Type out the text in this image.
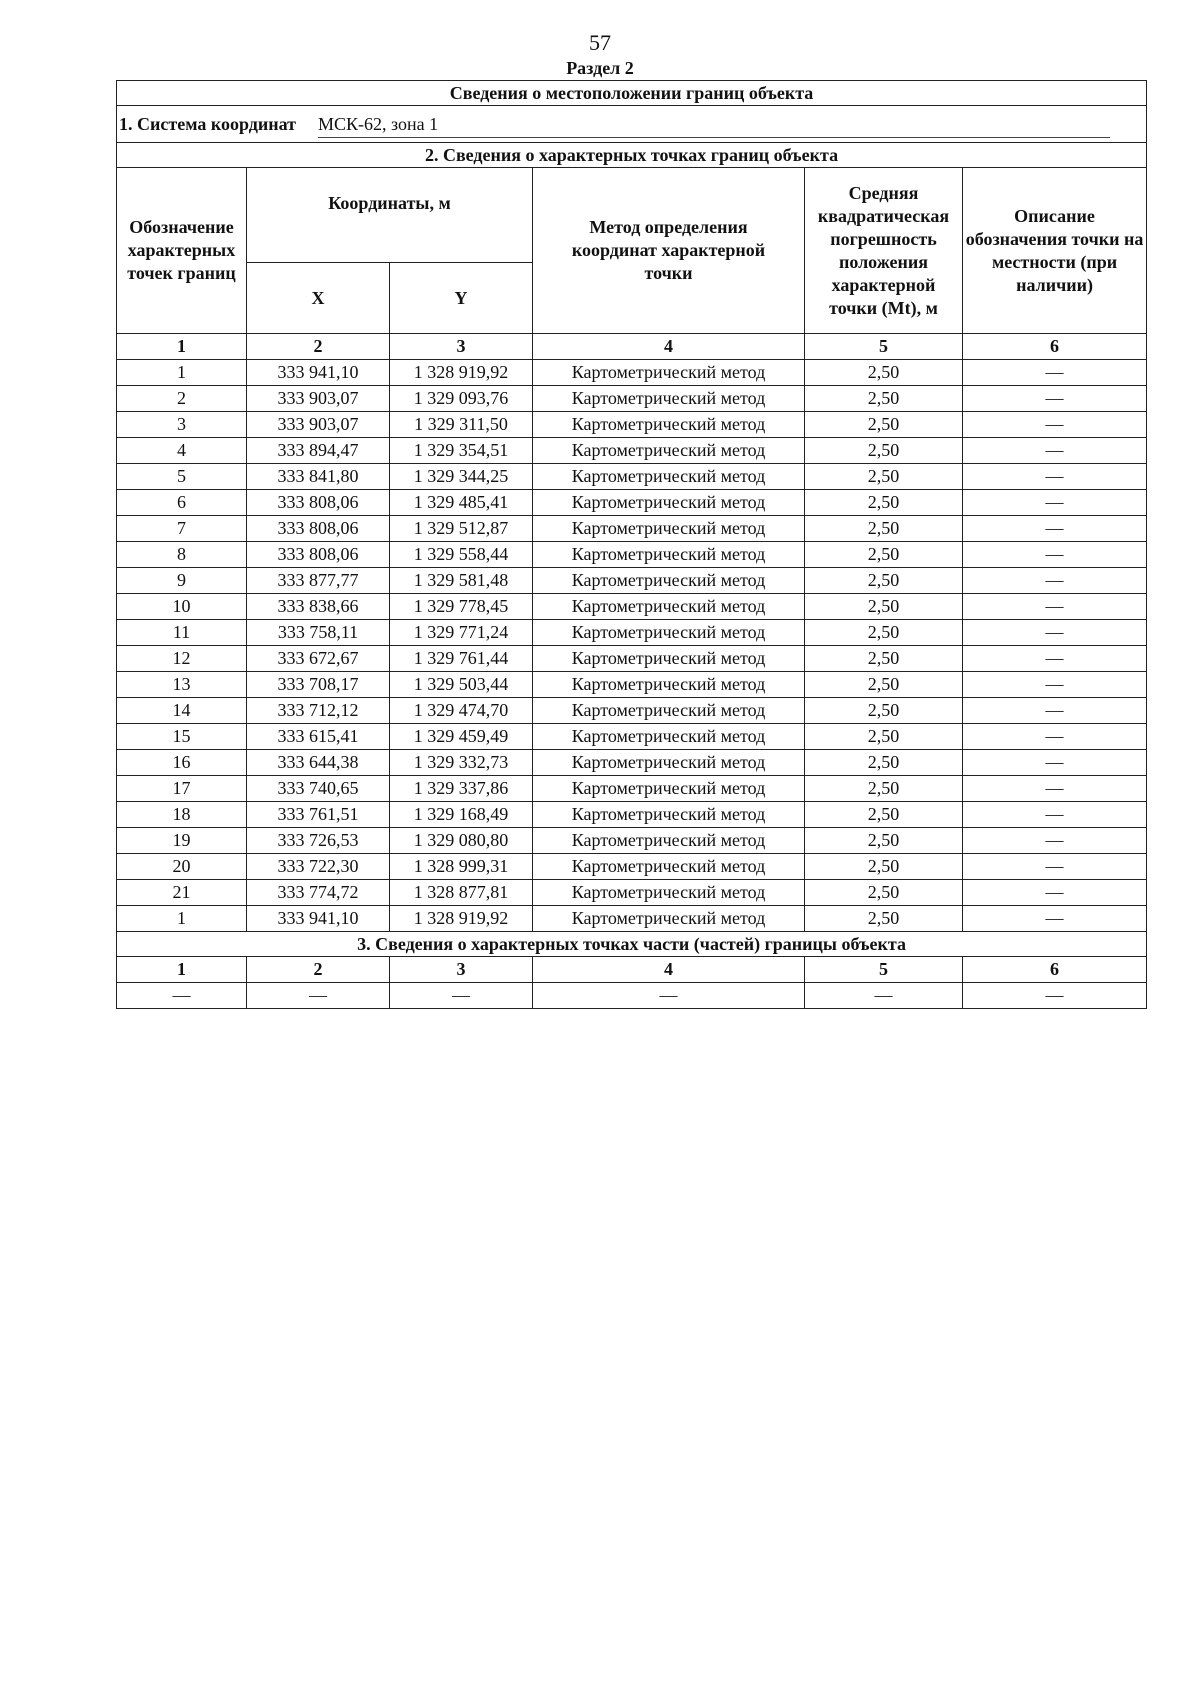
57
Раздел 2
Сведения о местоположении границ объекта					
1. Система координат МСК-62, зона 1					
2. Сведения о характерных точках границ объекта					
Обозначение характерных точек границ	Координаты, м		Метод определения координат характерной точки	Средняя квадратическая погрешность положения характерной точки (Mt), м	Описание обозначения точки на местности (при наличии)
	X	Y			
1	2	3	4	5	6
1	333 941,10	1 328 919,92	Картометрический метод	2,50	—
2	333 903,07	1 329 093,76	Картометрический метод	2,50	—
3	333 903,07	1 329 311,50	Картометрический метод	2,50	—
4	333 894,47	1 329 354,51	Картометрический метод	2,50	—
5	333 841,80	1 329 344,25	Картометрический метод	2,50	—
6	333 808,06	1 329 485,41	Картометрический метод	2,50	—
7	333 808,06	1 329 512,87	Картометрический метод	2,50	—
8	333 808,06	1 329 558,44	Картометрический метод	2,50	—
9	333 877,77	1 329 581,48	Картометрический метод	2,50	—
10	333 838,66	1 329 778,45	Картометрический метод	2,50	—
11	333 758,11	1 329 771,24	Картометрический метод	2,50	—
12	333 672,67	1 329 761,44	Картометрический метод	2,50	—
13	333 708,17	1 329 503,44	Картометрический метод	2,50	—
14	333 712,12	1 329 474,70	Картометрический метод	2,50	—
15	333 615,41	1 329 459,49	Картометрический метод	2,50	—
16	333 644,38	1 329 332,73	Картометрический метод	2,50	—
17	333 740,65	1 329 337,86	Картометрический метод	2,50	—
18	333 761,51	1 329 168,49	Картометрический метод	2,50	—
19	333 726,53	1 329 080,80	Картометрический метод	2,50	—
20	333 722,30	1 328 999,31	Картометрический метод	2,50	—
21	333 774,72	1 328 877,81	Картометрический метод	2,50	—
1	333 941,10	1 328 919,92	Картометрический метод	2,50	—
3. Сведения о характерных точках части (частей) границы объекта					
1	2	3	4	5	6
—	—	—	—	—	—
